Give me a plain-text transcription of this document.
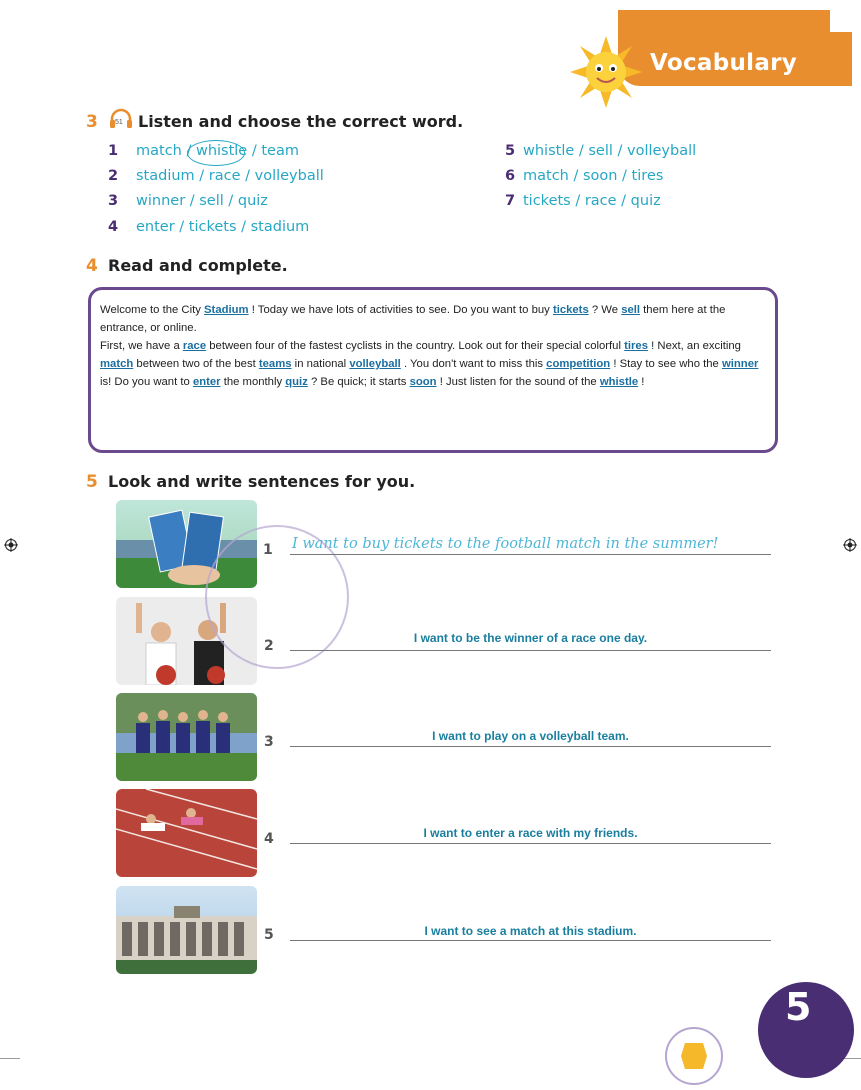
Vocabulary
3 51 Listen and choose the correct word.
1 match / whistle / team
2 stadium / race / volleyball
3 winner / sell / quiz
4 enter / tickets / stadium
5 whistle / sell / volleyball
6 match / soon / tires
7 tickets / race / quiz
4 Read and complete.
Welcome to the City Stadium ! Today we have lots of activities to see. Do you want to buy tickets ? We sell them here at the entrance, or online.
First, we have a race between four of the fastest cyclists in the country. Look out for their special colorful tires ! Next, an exciting match between two of the best teams in national volleyball . You don't want to miss this competition ! Stay to see who the winner is! Do you want to enter the monthly quiz ? Be quick; it starts soon ! Just listen for the sound of the whistle !
5 Look and write sentences for you.
1 I want to buy tickets to the football match in the summer!
2	I want to be the winner of a race one day.
3	I want to play on a volleyball team.
4	I want to enter a race with my friends.
5	I want to see a match at this stadium.
5
